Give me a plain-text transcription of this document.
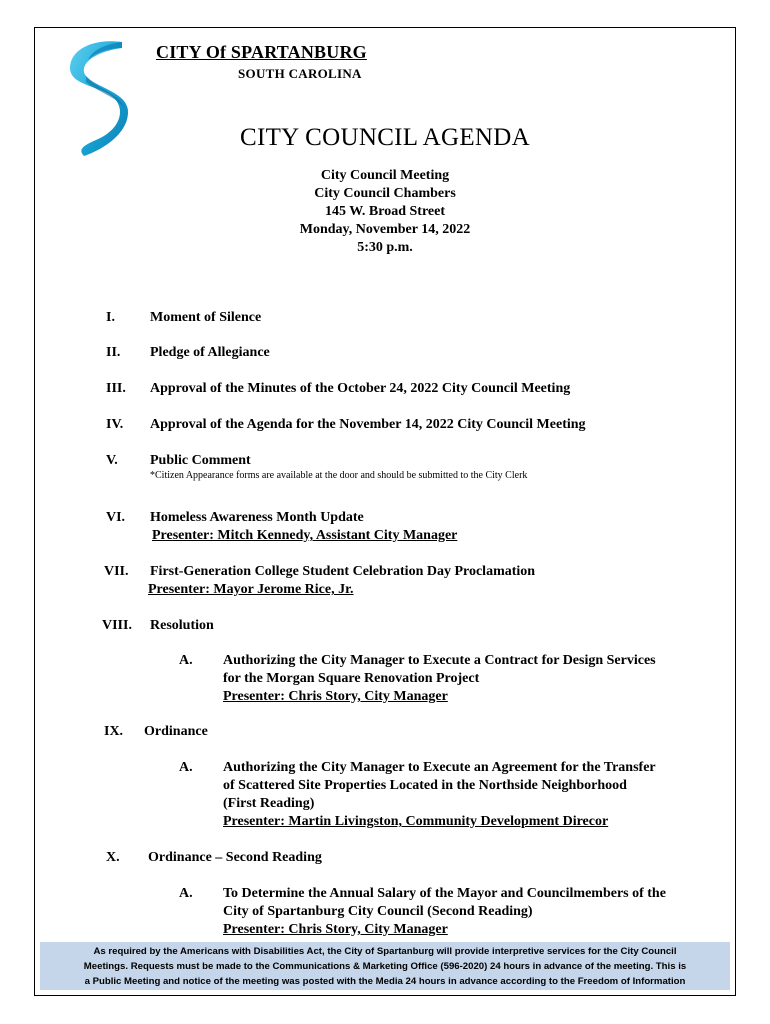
CITY Of SPARTANBURG
SOUTH CAROLINA
CITY COUNCIL AGENDA
City Council Meeting
City Council Chambers
145 W. Broad Street
Monday, November 14, 2022
5:30 p.m.
I.	Moment of Silence
II. Pledge of Allegiance
III. Approval of the Minutes of the October 24, 2022 City Council Meeting
IV. Approval of the Agenda for the November 14, 2022 City Council Meeting
V. Public Comment
*Citizen Appearance forms are available at the door and should be submitted to the City Clerk
VI. Homeless Awareness Month Update
Presenter: Mitch Kennedy, Assistant City Manager
VII. First-Generation College Student Celebration Day Proclamation
Presenter: Mayor Jerome Rice, Jr.
VIII. Resolution
A. Authorizing the City Manager to Execute a Contract for Design Services
for the Morgan Square Renovation Project
Presenter: Chris Story, City Manager
IX. Ordinance
A. Authorizing the City Manager to Execute an Agreement for the Transfer
of Scattered Site Properties Located in the Northside Neighborhood
(First Reading)
Presenter: Martin Livingston, Community Development Direcor
X. Ordinance – Second Reading
A. To Determine the Annual Salary of the Mayor and Councilmembers of the
City of Spartanburg City Council (Second Reading)
Presenter: Chris Story, City Manager
As required by the Americans with Disabilities Act, the City of Spartanburg will provide interpretive services for the City Council
Meetings. Requests must be made to the Communications & Marketing Office (596-2020) 24 hours in advance of the meeting. This is
a Public Meeting and notice of the meeting was posted with the Media 24 hours in advance according to the Freedom of Information
